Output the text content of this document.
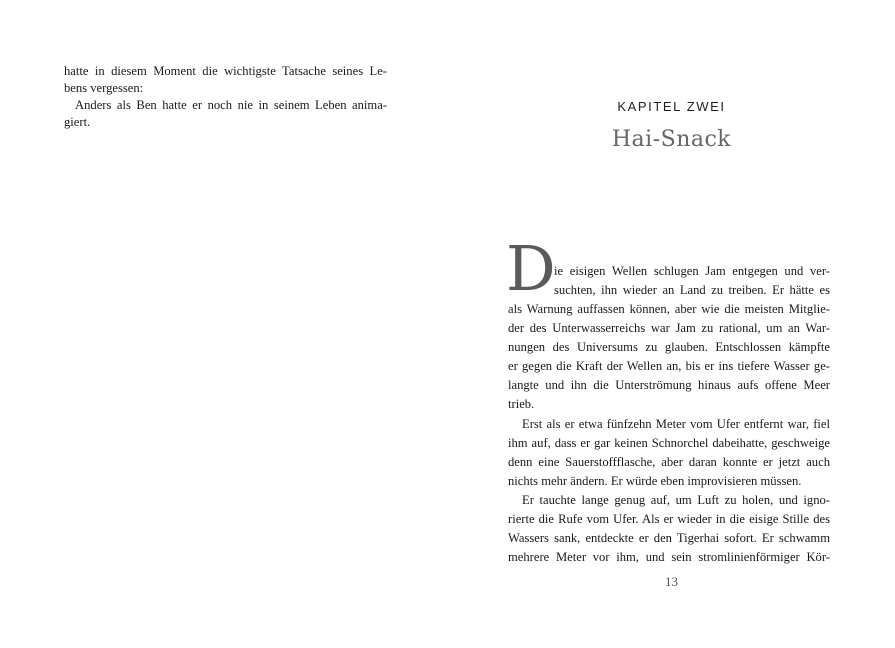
hatte in diesem Moment die wichtigste Tatsache seines Le-
bens vergessen:
Anders als Ben hatte er noch nie in seinem Leben anima-
giert.
KAPITEL ZWEI
Hai-Snack
D
ie eisigen Wellen schlugen Jam entgegen und ver-
suchten, ihn wieder an Land zu treiben. Er hätte es
als Warnung auffassen können, aber wie die meisten Mitglie-
der des Unterwasserreichs war Jam zu rational, um an War-
nungen des Universums zu glauben. Entschlossen kämpfte
er gegen die Kraft der Wellen an, bis er ins tiefere Wasser ge-
langte und ihn die Unterströmung hinaus aufs offene Meer
trieb.
Erst als er etwa fünfzehn Meter vom Ufer entfernt war, fiel
ihm auf, dass er gar keinen Schnorchel dabeihatte, geschweige
denn eine Sauerstoffflasche, aber daran konnte er jetzt auch
nichts mehr ändern. Er würde eben improvisieren müssen.
Er tauchte lange genug auf, um Luft zu holen, und igno-
rierte die Rufe vom Ufer. Als er wieder in die eisige Stille des
Wassers sank, entdeckte er den Tigerhai sofort. Er schwamm
mehrere Meter vor ihm, und sein stromlinienförmiger Kör-
13
